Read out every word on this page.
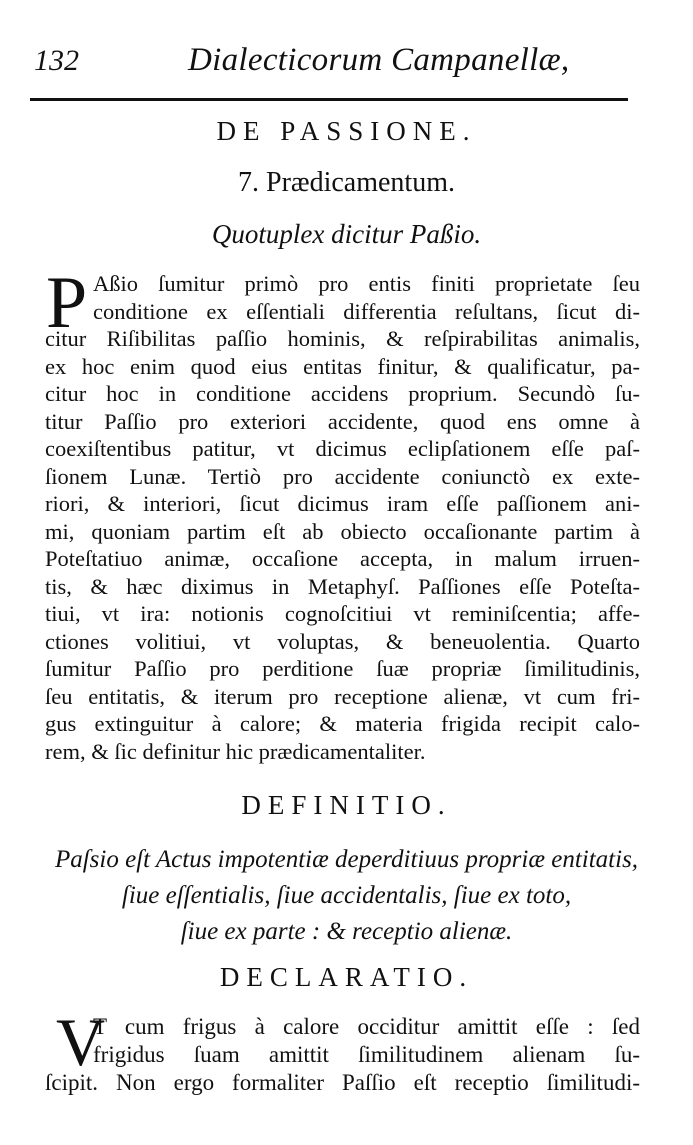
132	Dialecticorum Campanellæ,
DE PASSIONE.
7. Prædicamentum.
Quotuplex dicitur Paßio.
P Aßio ſumitur primò pro entis finiti proprietate ſeu
conditione ex eſſentiali differentia reſultans, ſicut di-
citur Riſibilitas paſſio hominis, & reſpirabilitas animalis,
ex hoc enim quod eius entitas finitur, & qualificatur, pa-
citur hoc in conditione accidens proprium. Secundò ſu-
titur Paſſio pro exteriori accidente, quod ens omne à
coexiſtentibus patitur, vt dicimus eclipſationem eſſe paſ-
ſionem Lunæ. Tertiò pro accidente coniunctò ex exte-
riori, & interiori, ſicut dicimus iram eſſe paſſionem ani-
mi, quoniam partim eſt ab obiecto occaſionante partim à
Poteſtatiuo animæ, occaſione accepta, in malum irruen-
tis, & hæc diximus in Metaphyſ. Paſſiones eſſe Poteſta-
tiui, vt ira: notionis cognoſcitiui vt reminiſcentia; affe-
ctiones volitiui, vt voluptas, & beneuolentia. Quarto
ſumitur Paſſio pro perditione ſuæ propriæ ſimilitudinis,
ſeu entitatis, & iterum pro receptione alienæ, vt cum fri-
gus extinguitur à calore; & materia frigida recipit calo-
rem, & ſic definitur hic prædicamentaliter.
DEFINITIO.
Paſsio eſt Actus impotentiæ deperditiuus propriæ entitatis,
ſiue eſſentialis, ſiue accidentalis, ſiue ex toto,
ſiue ex parte : & receptio alienæ.
DECLARATIO.
V
T cum frigus à calore occiditur amittit eſſe : ſed
frigidus ſuam amittit ſimilitudinem alienam ſu-
ſcipit. Non ergo formaliter Paſſio eſt receptio ſimilitudi-
